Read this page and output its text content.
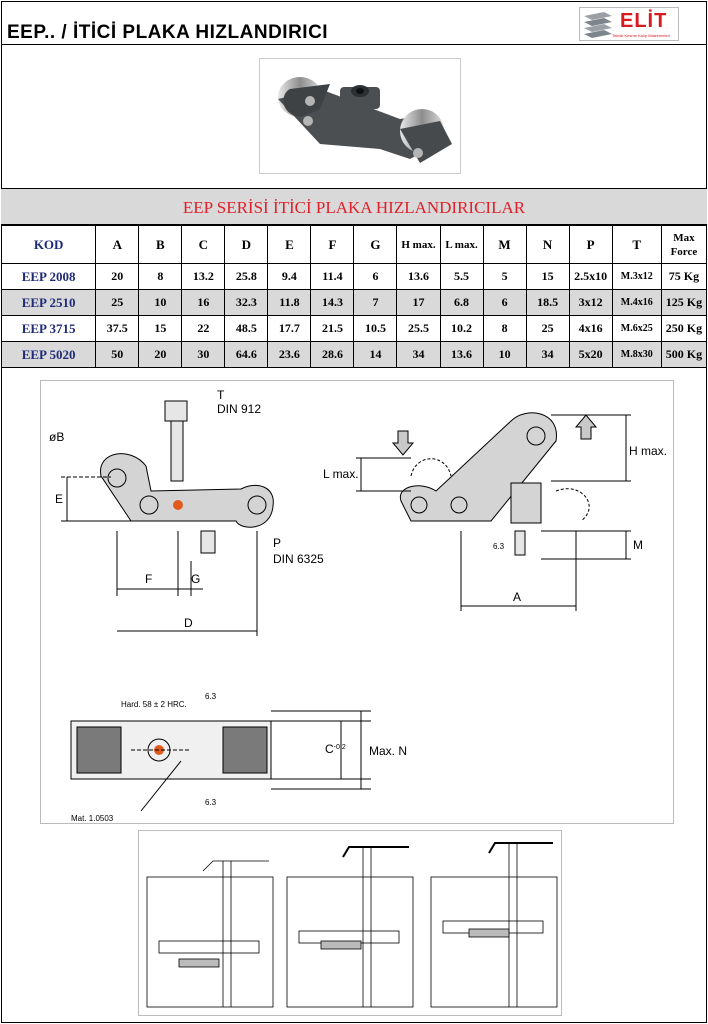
EEP.. / İTİCİ PLAKA HIZLANDIRICI
ELİT
Teknik Kesme Kalıp Malzemeleri
EEP SERİSİ İTİCİ PLAKA HIZLANDIRICILAR
KOD	A	B	C	D	E	F	G	H max.	L max.	M	N	P	T	Max Force
EEP 2008	20	8	13.2	25.8	9.4	11.4	6	13.6	5.5	5	15	2.5x10	M.3x12	75 Kg
EEP 2510	25	10	16	32.3	11.8	14.3	7	17	6.8	6	18.5	3x12	M.4x16	125 Kg
EEP 3715	37.5	15	22	48.5	17.7	21.5	10.5	25.5	10.2	8	25	4x16	M.6x25	250 Kg
EEP 5020	50	20	30	64.6	23.6	28.6	14	34	13.6	10	34	5x20	M.8x30	500 Kg
T
DIN 912
øB
E
P
DIN 6325
F	G
D
L max.
H max.
M
A
6.3
Hard. 58 ± 2 HRC.
6.3
6.3
$C^{-0.2}$ Max. N
Mat. 1.0503
